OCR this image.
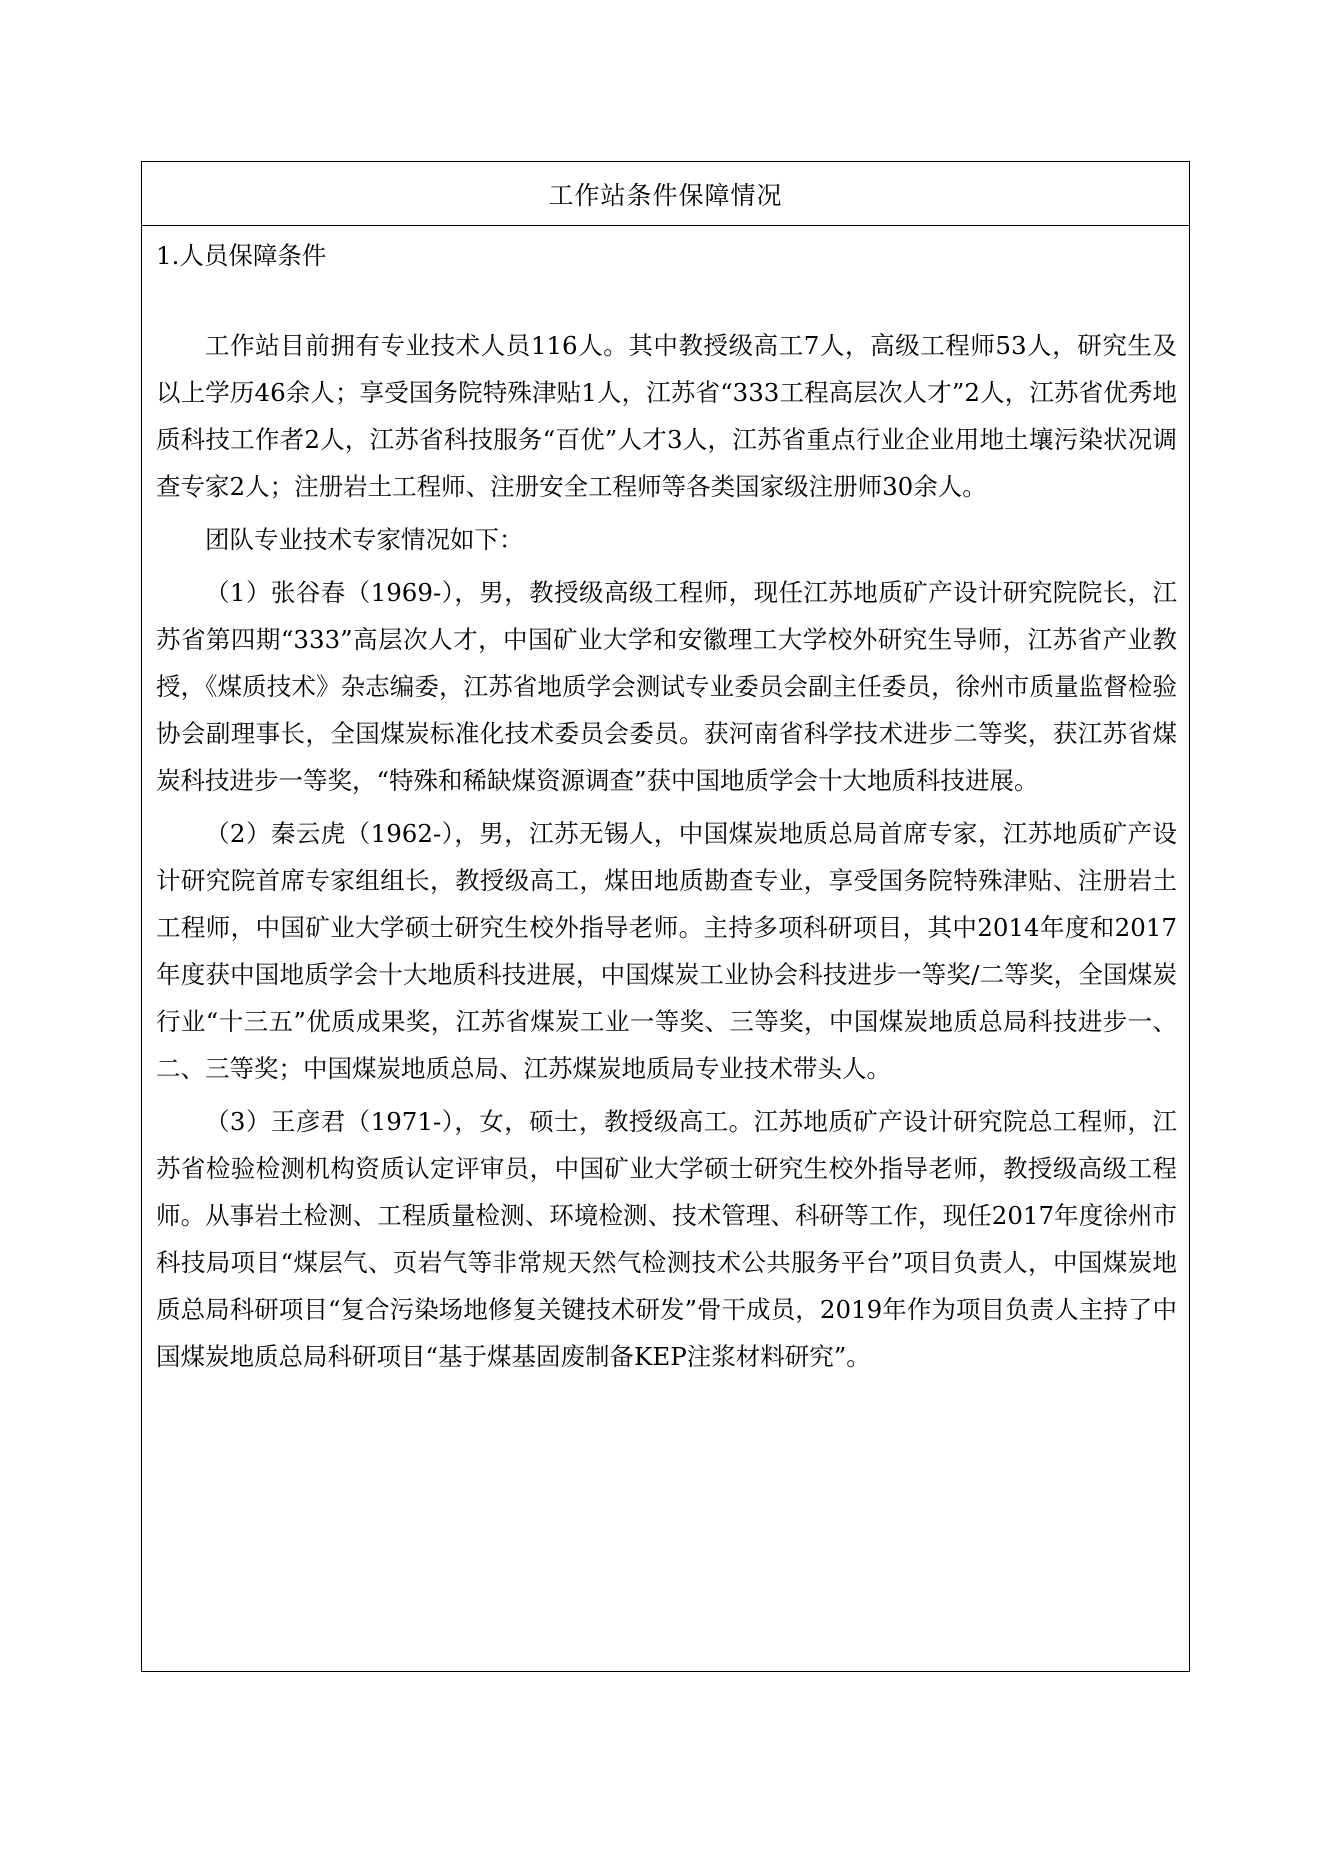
工作站条件保障情况
1.人员保障条件

工作站目前拥有专业技术人员116人。其中教授级高工7人，高级工程师53人，研究生及以上学历46余人；享受国务院特殊津贴1人，江苏省“333工程高层次人才”2人，江苏省优秀地质科技工作者2人，江苏省科技服务“百优”人才3人，江苏省重点行业企业用地土壤污染状况调查专家2人；注册岩土工程师、注册安全工程师等各类国家级注册师30余人。

团队专业技术专家情况如下：

（1）张谷春（1969-），男，教授级高级工程师，现任江苏地质矿产设计研究院院长，江苏省第四期“333”高层次人才，中国矿业大学和安徽理工大学校外研究生导师，江苏省产业教授，《煤质技术》杂志编委，江苏省地质学会测试专业委员会副主任委员，徐州市质量监督检验协会副理事长，全国煤炭标准化技术委员会委员。获河南省科学技术进步二等奖，获江苏省煤炭科技进步一等奖，“特殊和稀缺煤资源调查”获中国地质学会十大地质科技进展。

（2）秦云虎（1962-），男，江苏无锡人，中国煤炭地质总局首席专家，江苏地质矿产设计研究院首席专家组组长，教授级高工，煤田地质勘查专业，享受国务院特殊津贴、注册岩土工程师，中国矿业大学硕士研究生校外指导老师。主持多项科研项目，其中2014年度和2017年度获中国地质学会十大地质科技进展，中国煤炭工业协会科技进步一等奖/二等奖，全国煤炭行业“十三五”优质成果奖，江苏省煤炭工业一等奖、三等奖，中国煤炭地质总局科技进步一、二、三等奖；中国煤炭地质总局、江苏煤炭地质局专业技术带头人。

（3）王彦君（1971-），女，硕士，教授级高工。江苏地质矿产设计研究院总工程师，江苏省检验检测机构资质认定评审员，中国矿业大学硕士研究生校外指导老师，教授级高级工程师。从事岩土检测、工程质量检测、环境检测、技术管理、科研等工作，现任2017年度徐州市科技局项目“煤层气、页岩气等非常规天然气检测技术公共服务平台”项目负责人，中国煤炭地质总局科研项目“复合污染场地修复关键技术研发”骨干成员，2019年作为项目负责人主持了中国煤炭地质总局科研项目“基于煤基固废制备KEP注浆材料研究”。
